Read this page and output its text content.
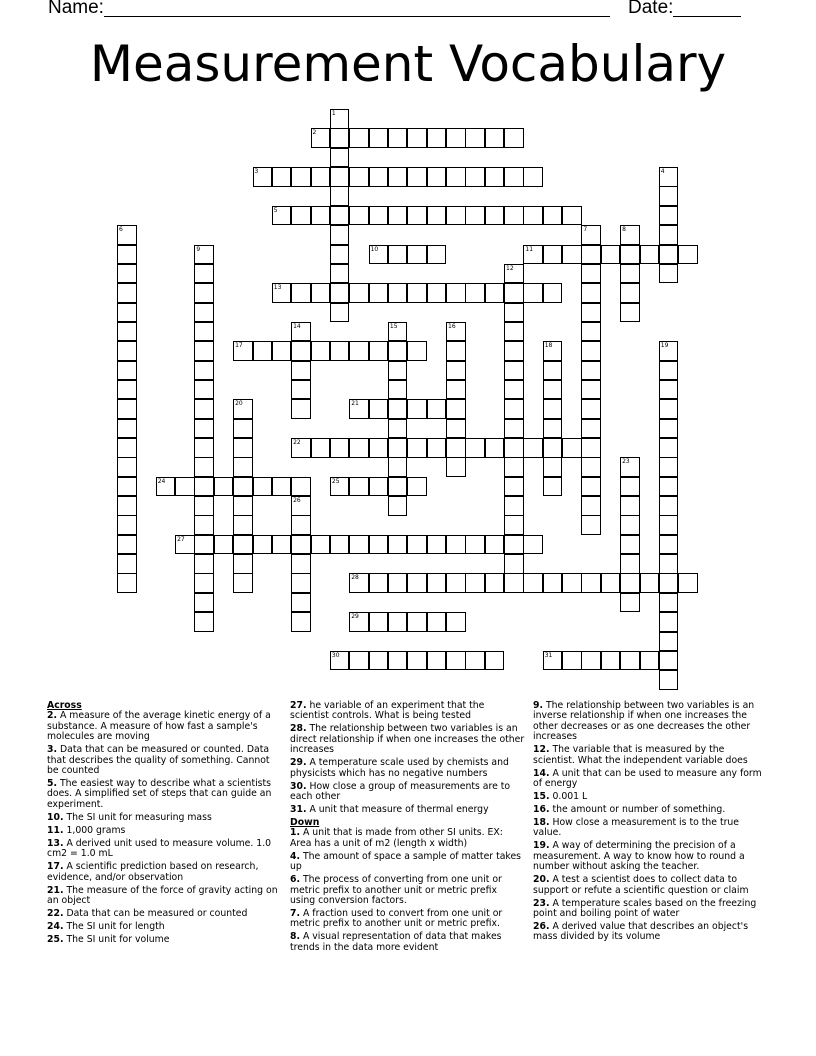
Name:	Date:
Measurement Vocabulary
1
2
3	4
5
6	7	8
9	10	11
12
13
14	15	16
17	18	19
20	21
22
23
24	25
26
27
28
29
30	31
Across
2. A measure of the average kinetic energy of a substance. A measure of how fast a sample's molecules are moving
3. Data that can be measured or counted. Data that describes the quality of something. Cannot be counted
5. The easiest way to describe what a scientists does. A simplified set of steps that can guide an experiment.
10. The SI unit for measuring mass
11. 1,000 grams
13. A derived unit used to measure volume. 1.0 cm2 = 1.0 mL
17. A scientific prediction based on research, evidence, and/or observation
21. The measure of the force of gravity acting on an object
22. Data that can be measured or counted
24. The SI unit for length
25. The SI unit for volume
27. he variable of an experiment that the scientist controls. What is being tested
28. The relationship between two variables is an direct relationship if when one increases the other increases
29. A temperature scale used by chemists and physicists which has no negative numbers
30. How close a group of measurements are to each other
31. A unit that measure of thermal energy
Down
1. A unit that is made from other SI units. EX: Area has a unit of m2 (length x width)
4. The amount of space a sample of matter takes up
6. The process of converting from one unit or metric prefix to another unit or metric prefix using conversion factors.
7. A fraction used to convert from one unit or metric prefix to another unit or metric prefix.
8. A visual representation of data that makes trends in the data more evident
9. The relationship between two variables is an inverse relationship if when one increases the other decreases or as one decreases the other increases
12. The variable that is measured by the scientist. What the independent variable does
14. A unit that can be used to measure any form of energy
15. 0.001 L
16. the amount or number of something.
18. How close a measurement is to the true value.
19. A way of determining the precision of a measurement. A way to know how to round a number without asking the teacher.
20. A test a scientist does to collect data to support or refute a scientific question or claim
23. A temperature scales based on the freezing point and boiling point of water
26. A derived value that describes an object's mass divided by its volume
